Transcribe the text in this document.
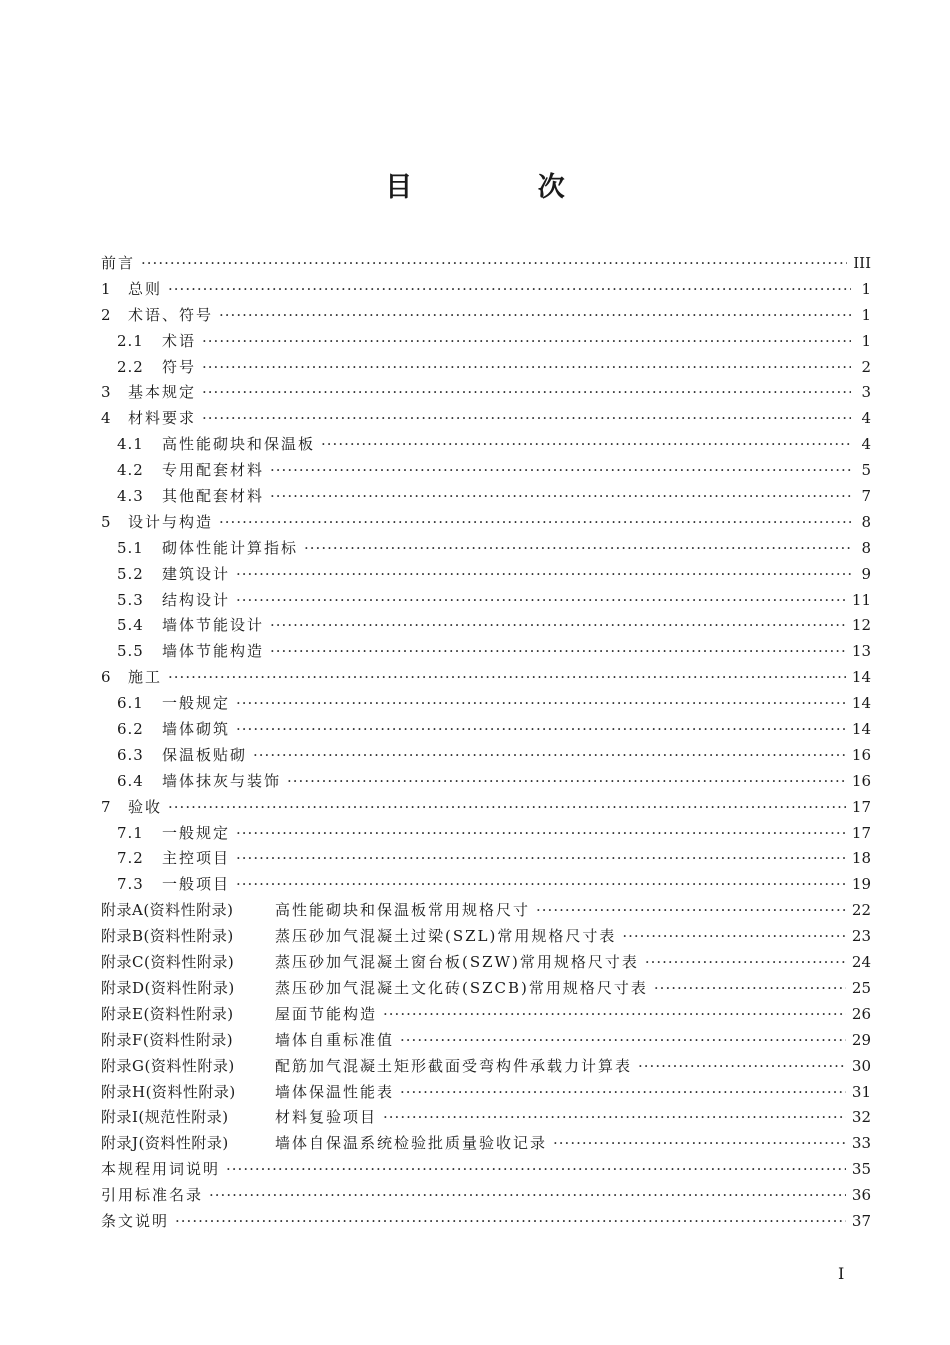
目 次
前言 ·····	III
1	总则 ·····	1
2	术语、符号 ·····	1
2.1	术语 ·····	1
2.2	符号 ·····	2
3	基本规定 ·····	3
4	材料要求 ·····	4
4.1	高性能砌块和保温板 ·····	4
4.2	专用配套材料 ·····	5
4.3	其他配套材料 ·····	7
5	设计与构造 ·····	8
5.1	砌体性能计算指标 ·····	8
5.2	建筑设计 ·····	9
5.3	结构设计 ·····	11
5.4	墙体节能设计 ·····	12
5.5	墙体节能构造 ·····	13
6	施工 ·····	14
6.1	一般规定 ·····	14
6.2	墙体砌筑 ·····	14
6.3	保温板贴砌 ·····	16
6.4	墙体抹灰与装饰 ·····	16
7	验收 ·····	17
7.1	一般规定 ·····	17
7.2	主控项目 ·····	18
7.3	一般项目 ·····	19
附录A(资料性附录)	高性能砌块和保温板常用规格尺寸 ·····	22
附录B(资料性附录)	蒸压砂加气混凝土过梁(SZL)常用规格尺寸表 ·····	23
附录C(资料性附录)	蒸压砂加气混凝土窗台板(SZW)常用规格尺寸表 ·····	24
附录D(资料性附录)	蒸压砂加气混凝土文化砖(SZCB)常用规格尺寸表 ·····	25
附录E(资料性附录)	屋面节能构造 ·····	26
附录F(资料性附录)	墙体自重标准值 ·····	29
附录G(资料性附录)	配筋加气混凝土矩形截面受弯构件承载力计算表 ·····	30
附录H(资料性附录)	墙体保温性能表 ·····	31
附录I(规范性附录)	材料复验项目 ·····	32
附录J(资料性附录)	墙体自保温系统检验批质量验收记录 ·····	33
本规程用词说明 ·····	35
引用标准名录 ·····	36
条文说明 ·····	37
I
